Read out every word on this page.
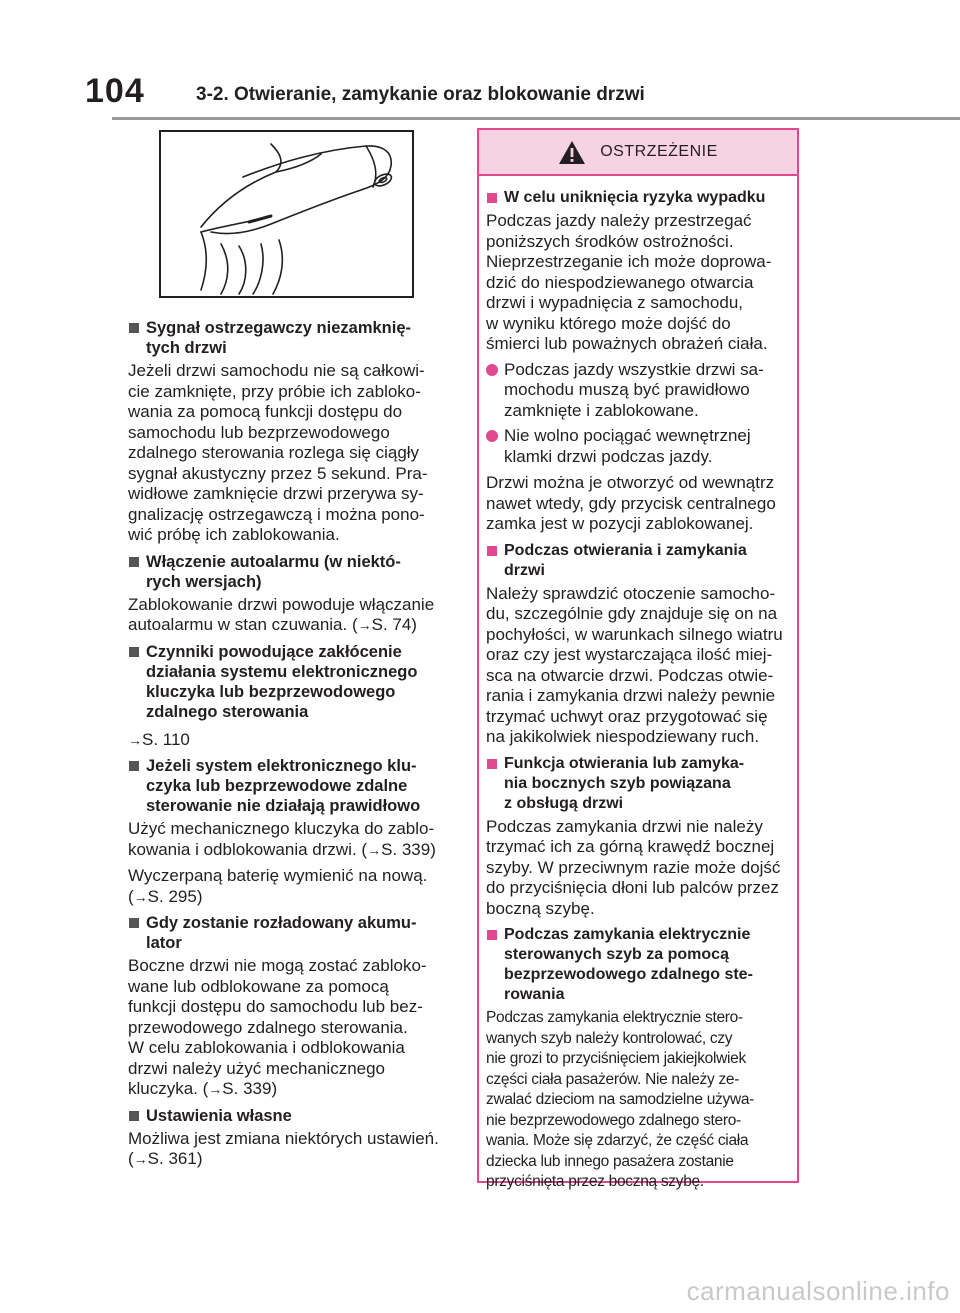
104	3-2. Otwieranie, zamykanie oraz blokowanie drzwi
Sygnał ostrzegawczy niezamknię-
tych drzwi
Jeżeli drzwi samochodu nie są całkowi-
cie zamknięte, przy próbie ich zabloko-
wania za pomocą funkcji dostępu do
samochodu lub bezprzewodowego
zdalnego sterowania rozlega się ciągły
sygnał akustyczny przez 5 sekund. Pra-
widłowe zamknięcie drzwi przerywa sy-
gnalizację ostrzegawczą i można pono-
wić próbę ich zablokowania.
Włączenie autoalarmu (w niektó-
rych wersjach)
Zablokowanie drzwi powoduje włączanie
autoalarmu w stan czuwania. (→S. 74)
Czynniki powodujące zakłócenie
działania systemu elektronicznego
kluczyka lub bezprzewodowego
zdalnego sterowania
→S. 110
Jeżeli system elektronicznego klu-
czyka lub bezprzewodowe zdalne
sterowanie nie działają prawidłowo
Użyć mechanicznego kluczyka do zablo-
kowania i odblokowania drzwi. (→S. 339)
Wyczerpaną baterię wymienić na nową.
(→S. 295)
Gdy zostanie rozładowany akumu-
lator
Boczne drzwi nie mogą zostać zabloko-
wane lub odblokowane za pomocą
funkcji dostępu do samochodu lub bez-
przewodowego zdalnego sterowania.
W celu zablokowania i odblokowania
drzwi należy użyć mechanicznego
kluczyka. (→S. 339)
Ustawienia własne
Możliwa jest zmiana niektórych ustawień.
(→S. 361)
OSTRZEŻENIE
W celu uniknięcia ryzyka wypadku
Podczas jazdy należy przestrzegać
poniższych środków ostrożności.
Nieprzestrzeganie ich może doprowa-
dzić do niespodziewanego otwarcia
drzwi i wypadnięcia z samochodu,
w wyniku którego może dojść do
śmierci lub poważnych obrażeń ciała.
Podczas jazdy wszystkie drzwi sa-
mochodu muszą być prawidłowo
zamknięte i zablokowane.
Nie wolno pociągać wewnętrznej
klamki drzwi podczas jazdy.
Drzwi można je otworzyć od wewnątrz
nawet wtedy, gdy przycisk centralnego
zamka jest w pozycji zablokowanej.
Podczas otwierania i zamykania
drzwi
Należy sprawdzić otoczenie samocho-
du, szczególnie gdy znajduje się on na
pochyłości, w warunkach silnego wiatru
oraz czy jest wystarczająca ilość miej-
sca na otwarcie drzwi. Podczas otwie-
rania i zamykania drzwi należy pewnie
trzymać uchwyt oraz przygotować się
na jakikolwiek niespodziewany ruch.
Funkcja otwierania lub zamyka-
nia bocznych szyb powiązana
z obsługą drzwi
Podczas zamykania drzwi nie należy
trzymać ich za górną krawędź bocznej
szyby. W przeciwnym razie może dojść
do przyciśnięcia dłoni lub palców przez
boczną szybę.
Podczas zamykania elektrycznie
sterowanych szyb za pomocą
bezprzewodowego zdalnego ste-
rowania
Podczas zamykania elektrycznie stero-
wanych szyb należy kontrolować, czy
nie grozi to przyciśnięciem jakiejkolwiek
części ciała pasażerów. Nie należy ze-
zwalać dzieciom na samodzielne używa-
nie bezprzewodowego zdalnego stero-
wania. Może się zdarzyć, że część ciała
dziecka lub innego pasażera zostanie
przyciśnięta przez boczną szybę.
carmanualsonline.info
